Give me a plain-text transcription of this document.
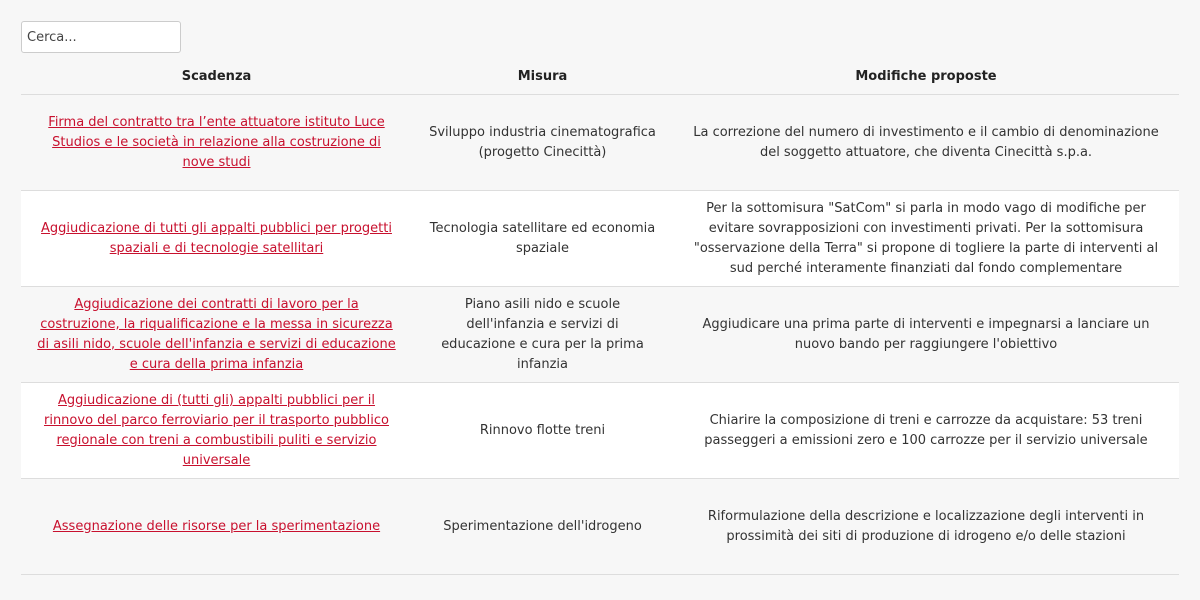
Cerca...
Scadenza	Misura	Modifiche proposte
Firma del contratto tra l’ente attuatore istituto Luce Studios e le società in relazione alla costruzione di nove studi	Sviluppo industria cinematografica (progetto Cinecittà)	La correzione del numero di investimento e il cambio di denominazione del soggetto attuatore, che diventa Cinecittà s.p.a.
Aggiudicazione di tutti gli appalti pubblici per progetti spaziali e di tecnologie satellitari	Tecnologia satellitare ed economia spaziale	Per la sottomisura "SatCom" si parla in modo vago di modifiche per evitare sovrapposizioni con investimenti privati. Per la sottomisura "osservazione della Terra" si propone di togliere la parte di interventi al sud perché interamente finanziati dal fondo complementare
Aggiudicazione dei contratti di lavoro per la costruzione, la riqualificazione e la messa in sicurezza di asili nido, scuole dell'infanzia e servizi di educazione e cura della prima infanzia	Piano asili nido e scuole dell'infanzia e servizi di educazione e cura per la prima infanzia	Aggiudicare una prima parte di interventi e impegnarsi a lanciare un nuovo bando per raggiungere l'obiettivo
Aggiudicazione di (tutti gli) appalti pubblici per il rinnovo del parco ferroviario per il trasporto pubblico regionale con treni a combustibili puliti e servizio universale	Rinnovo flotte treni	Chiarire la composizione di treni e carrozze da acquistare: 53 treni passeggeri a emissioni zero e 100 carrozze per il servizio universale
Assegnazione delle risorse per la sperimentazione	Sperimentazione dell'idrogeno	Riformulazione della descrizione e localizzazione degli interventi in prossimità dei siti di produzione di idrogeno e/o delle stazioni
